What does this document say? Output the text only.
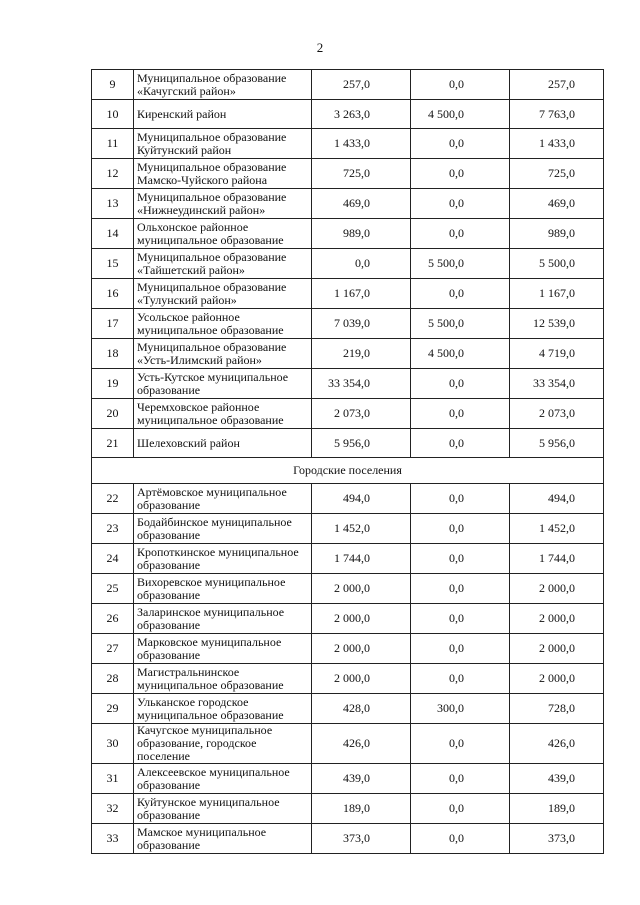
2
9	Муниципальное образование «Качугский район»	257,0	0,0	257,0
10	Киренский район	3 263,0	4 500,0	7 763,0
11	Муниципальное образование Куйтунский район	1 433,0	0,0	1 433,0
12	Муниципальное образование Мамско-Чуйского района	725,0	0,0	725,0
13	Муниципальное образование «Нижнеудинский район»	469,0	0,0	469,0
14	Ольхонское районное муниципальное образование	989,0	0,0	989,0
15	Муниципальное образование «Тайшетский район»	0,0	5 500,0	5 500,0
16	Муниципальное образование «Тулунский район»	1 167,0	0,0	1 167,0
17	Усольское районное муниципальное образование	7 039,0	5 500,0	12 539,0
18	Муниципальное образование «Усть-Илимский район»	219,0	4 500,0	4 719,0
19	Усть-Кутское муниципальное образование	33 354,0	0,0	33 354,0
20	Черемховское районное муниципальное образование	2 073,0	0,0	2 073,0
21	Шелеховский район	5 956,0	0,0	5 956,0
Городские поселения				
22	Артёмовское муниципальное образование	494,0	0,0	494,0
23	Бодайбинское муниципальное образование	1 452,0	0,0	1 452,0
24	Кропоткинское муниципальное образование	1 744,0	0,0	1 744,0
25	Вихоревское муниципальное образование	2 000,0	0,0	2 000,0
26	Заларинское муниципальное образование	2 000,0	0,0	2 000,0
27	Марковское муниципальное образование	2 000,0	0,0	2 000,0
28	Магистральнинское муниципальное образование	2 000,0	0,0	2 000,0
29	Ульканское городское муниципальное образование	428,0	300,0	728,0
30	Качугское муниципальное образование, городское поселение	426,0	0,0	426,0
31	Алексеевское муниципальное образование	439,0	0,0	439,0
32	Куйтунское муниципальное образование	189,0	0,0	189,0
33	Мамское муниципальное образование	373,0	0,0	373,0
